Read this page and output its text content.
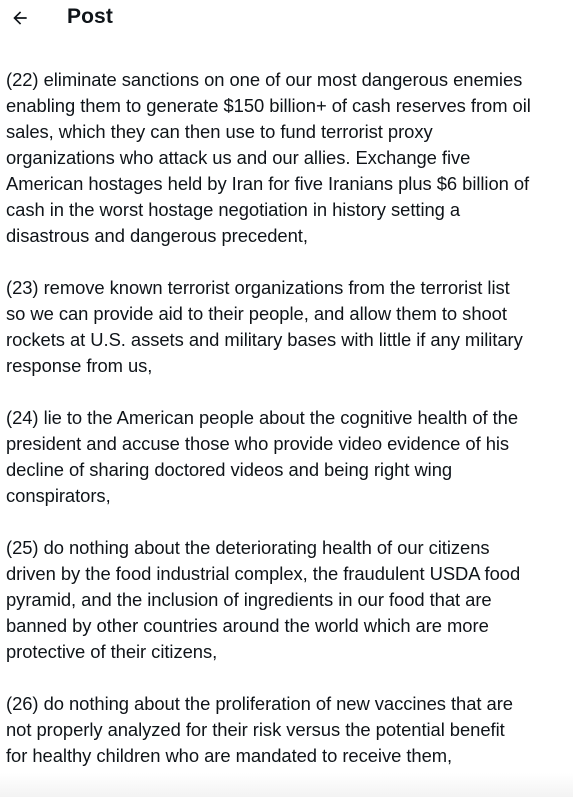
Post

(22) eliminate sanctions on one of our most dangerous enemies
enabling them to generate $150 billion+ of cash reserves from oil
sales, which they can then use to fund terrorist proxy
organizations who attack us and our allies. Exchange five
American hostages held by Iran for five Iranians plus $6 billion of
cash in the worst hostage negotiation in history setting a
disastrous and dangerous precedent,

(23) remove known terrorist organizations from the terrorist list
so we can provide aid to their people, and allow them to shoot
rockets at U.S. assets and military bases with little if any military
response from us,

(24) lie to the American people about the cognitive health of the
president and accuse those who provide video evidence of his
decline of sharing doctored videos and being right wing
conspirators,

(25) do nothing about the deteriorating health of our citizens
driven by the food industrial complex, the fraudulent USDA food
pyramid, and the inclusion of ingredients in our food that are
banned by other countries around the world which are more
protective of their citizens,

(26) do nothing about the proliferation of new vaccines that are
not properly analyzed for their risk versus the potential benefit
for healthy children who are mandated to receive them,
